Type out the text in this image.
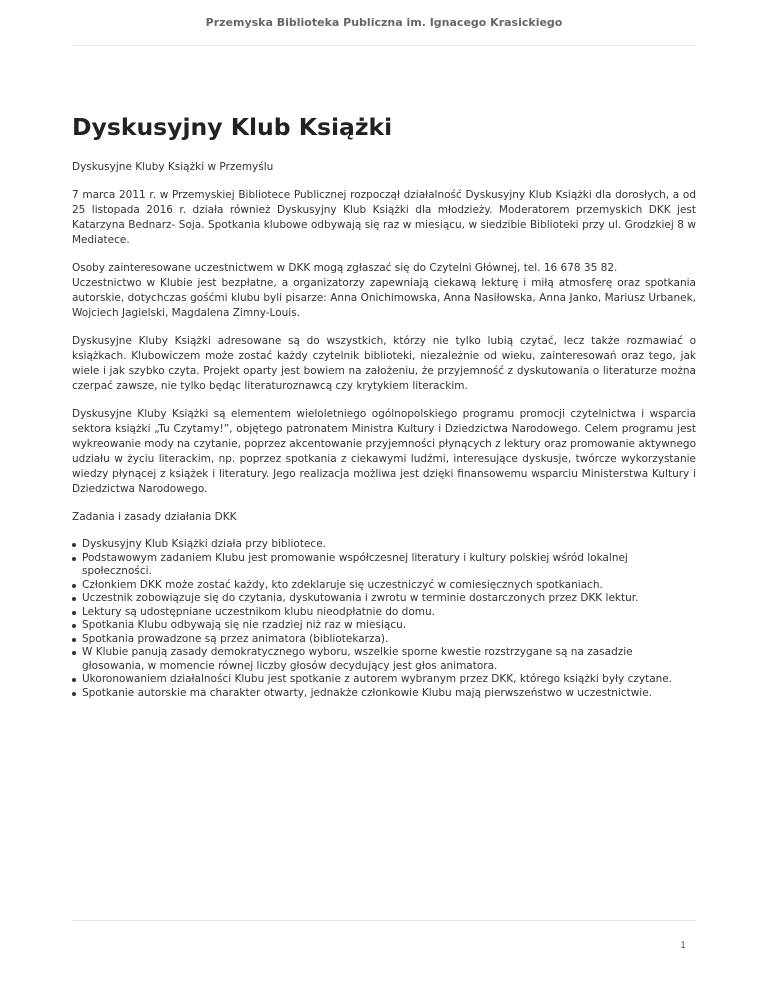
Przemyska Biblioteka Publiczna im. Ignacego Krasickiego
Dyskusyjny Klub Książki

Dyskusyjne Kluby Książki w Przemyślu

7 marca 2011 r. w Przemyskiej Bibliotece Publicznej rozpoczął działalność Dyskusyjny Klub Książki dla dorosłych, a od 25 listopada 2016 r. działa również Dyskusyjny Klub Książki dla młodzieży. Moderatorem przemyskich DKK jest Katarzyna Bednarz- Soja. Spotkania klubowe odbywają się raz w miesiącu, w siedzibie Biblioteki przy ul. Grodzkiej 8 w Mediatece.

Osoby zainteresowane uczestnictwem w DKK mogą zgłaszać się do Czytelni Głównej, tel. 16 678 35 82.

Uczestnictwo w Klubie jest bezpłatne, a organizatorzy zapewniają ciekawą lekturę i miłą atmosferę oraz spotkania autorskie, dotychczas gośćmi klubu byli pisarze: Anna Onichimowska, Anna Nasiłowska, Anna Janko, Mariusz Urbanek, Wojciech Jagielski, Magdalena Zimny-Louis.

Dyskusyjne Kluby Książki adresowane są do wszystkich, którzy nie tylko lubią czytać, lecz także rozmawiać o książkach. Klubowiczem może zostać każdy czytelnik biblioteki, niezależnie od wieku, zainteresowań oraz tego, jak wiele i jak szybko czyta. Projekt oparty jest bowiem na założeniu, że przyjemność z dyskutowania o literaturze można czerpać zawsze, nie tylko będąc literaturoznawcą czy krytykiem literackim.

Dyskusyjne Kluby Książki są elementem wieloletniego ogólnopolskiego programu promocji czytelnictwa i wsparcia sektora książki „Tu Czytamy!”, objętego patronatem Ministra Kultury i Dziedzictwa Narodowego. Celem programu jest wykreowanie mody na czytanie, poprzez akcentowanie przyjemności płynących z lektury oraz promowanie aktywnego udziału w życiu literackim, np. poprzez spotkania z ciekawymi ludźmi, interesujące dyskusje, twórcze wykorzystanie wiedzy płynącej z książek i literatury. Jego realizacja możliwa jest dzięki finansowemu wsparciu Ministerstwa Kultury i Dziedzictwa Narodowego.

Zadania i zasady działania DKK

Dyskusyjny Klub Książki działa przy bibliotece.
Podstawowym zadaniem Klubu jest promowanie współczesnej literatury i kultury polskiej wśród lokalnej społeczności.
Członkiem DKK może zostać każdy, kto zdeklaruje się uczestniczyć w comiesięcznych spotkaniach.
Uczestnik zobowiązuje się do czytania, dyskutowania i zwrotu w terminie dostarczonych przez DKK lektur.
Lektury są udostępniane uczestnikom klubu nieodpłatnie do domu.
Spotkania Klubu odbywają się nie rzadziej niż raz w miesiącu.
Spotkania prowadzone są przez animatora (bibliotekarza).
W Klubie panują zasady demokratycznego wyboru, wszelkie sporne kwestie rozstrzygane są na zasadzie głosowania, w momencie równej liczby głosów decydujący jest głos animatora.
Ukoronowaniem działalności Klubu jest spotkanie z autorem wybranym przez DKK, którego książki były czytane.
Spotkanie autorskie ma charakter otwarty, jednakże członkowie Klubu mają pierwszeństwo w uczestnictwie.
1
